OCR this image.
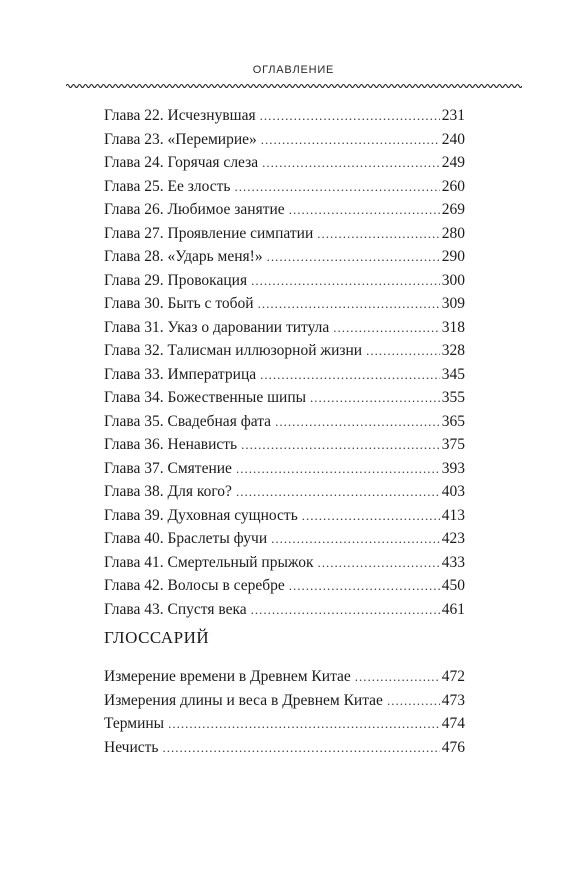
ОГЛАВЛЕНИЕ
Глава 22. Исчезнувшая .....	231
Глава 23. «Перемирие» .....	240
Глава 24. Горячая слеза .....	249
Глава 25. Ее злость .....	260
Глава 26. Любимое занятие .....	269
Глава 27. Проявление симпатии .....	280
Глава 28. «Ударь меня!» .....	290
Глава 29. Провокация .....	300
Глава 30. Быть с тобой .....	309
Глава 31. Указ о даровании титула .....	318
Глава 32. Талисман иллюзорной жизни .....	328
Глава 33. Императрица .....	345
Глава 34. Божественные шипы .....	355
Глава 35. Свадебная фата .....	365
Глава 36. Ненависть .....	375
Глава 37. Смятение .....	393
Глава 38. Для кого? .....	403
Глава 39. Духовная сущность .....	413
Глава 40. Браслеты фучи .....	423
Глава 41. Смертельный прыжок .....	433
Глава 42. Волосы в серебре .....	450
Глава 43. Спустя века .....	461
ГЛОССАРИЙ
Измерение времени в Древнем Китае .....	472
Измерения длины и веса в Древнем Китае .....	473
Термины .....	474
Нечисть .....	476
